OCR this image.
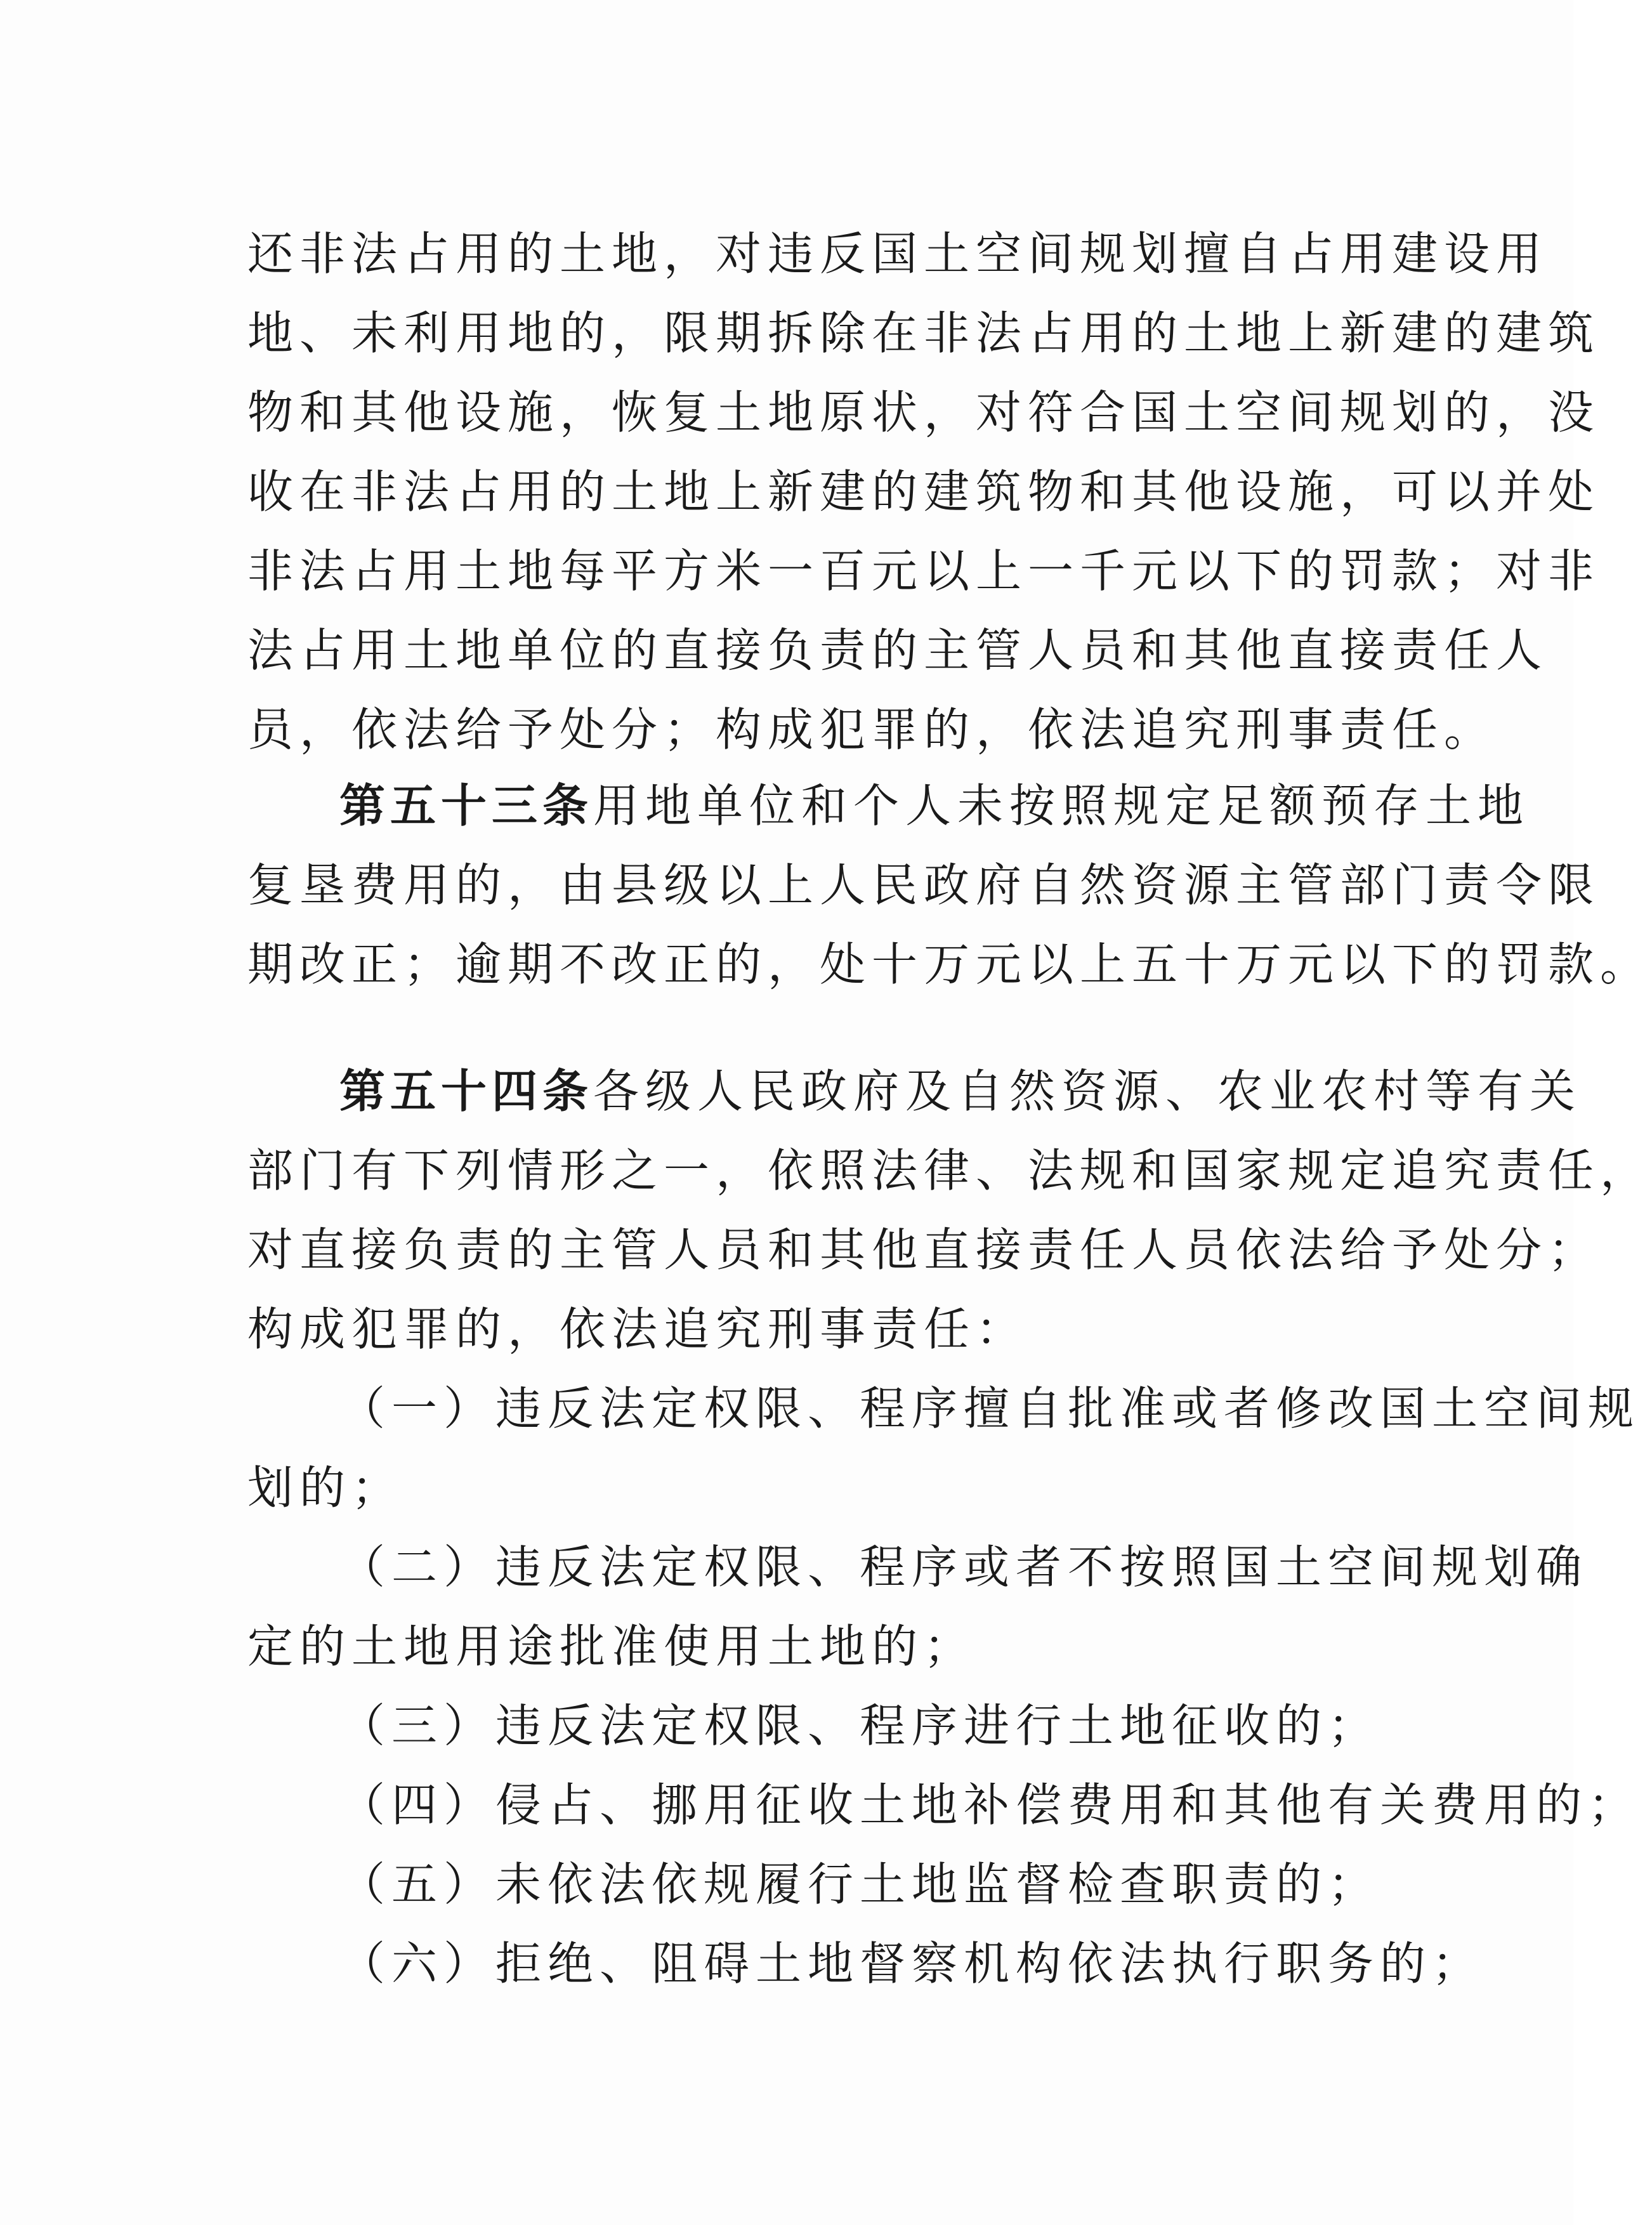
还非法占用的土地，对违反国土空间规划擅自占用建设用
地、未利用地的，限期拆除在非法占用的土地上新建的建筑
物和其他设施，恢复土地原状，对符合国土空间规划的，没
收在非法占用的土地上新建的建筑物和其他设施，可以并处
非法占用土地每平方米一百元以上一千元以下的罚款；对非
法占用土地单位的直接负责的主管人员和其他直接责任人
员，依法给予处分；构成犯罪的，依法追究刑事责任。
第五十三条用地单位和个人未按照规定足额预存土地
复垦费用的，由县级以上人民政府自然资源主管部门责令限
期改正；逾期不改正的，处十万元以上五十万元以下的罚款。
第五十四条各级人民政府及自然资源、农业农村等有关
部门有下列情形之一，依照法律、法规和国家规定追究责任，
对直接负责的主管人员和其他直接责任人员依法给予处分；
构成犯罪的，依法追究刑事责任：
（一）违反法定权限、程序擅自批准或者修改国土空间规
划的；
（二）违反法定权限、程序或者不按照国土空间规划确
定的土地用途批准使用土地的；
（三）违反法定权限、程序进行土地征收的；
（四）侵占、挪用征收土地补偿费用和其他有关费用的；
（五）未依法依规履行土地监督检查职责的；
（六）拒绝、阻碍土地督察机构依法执行职务的；
